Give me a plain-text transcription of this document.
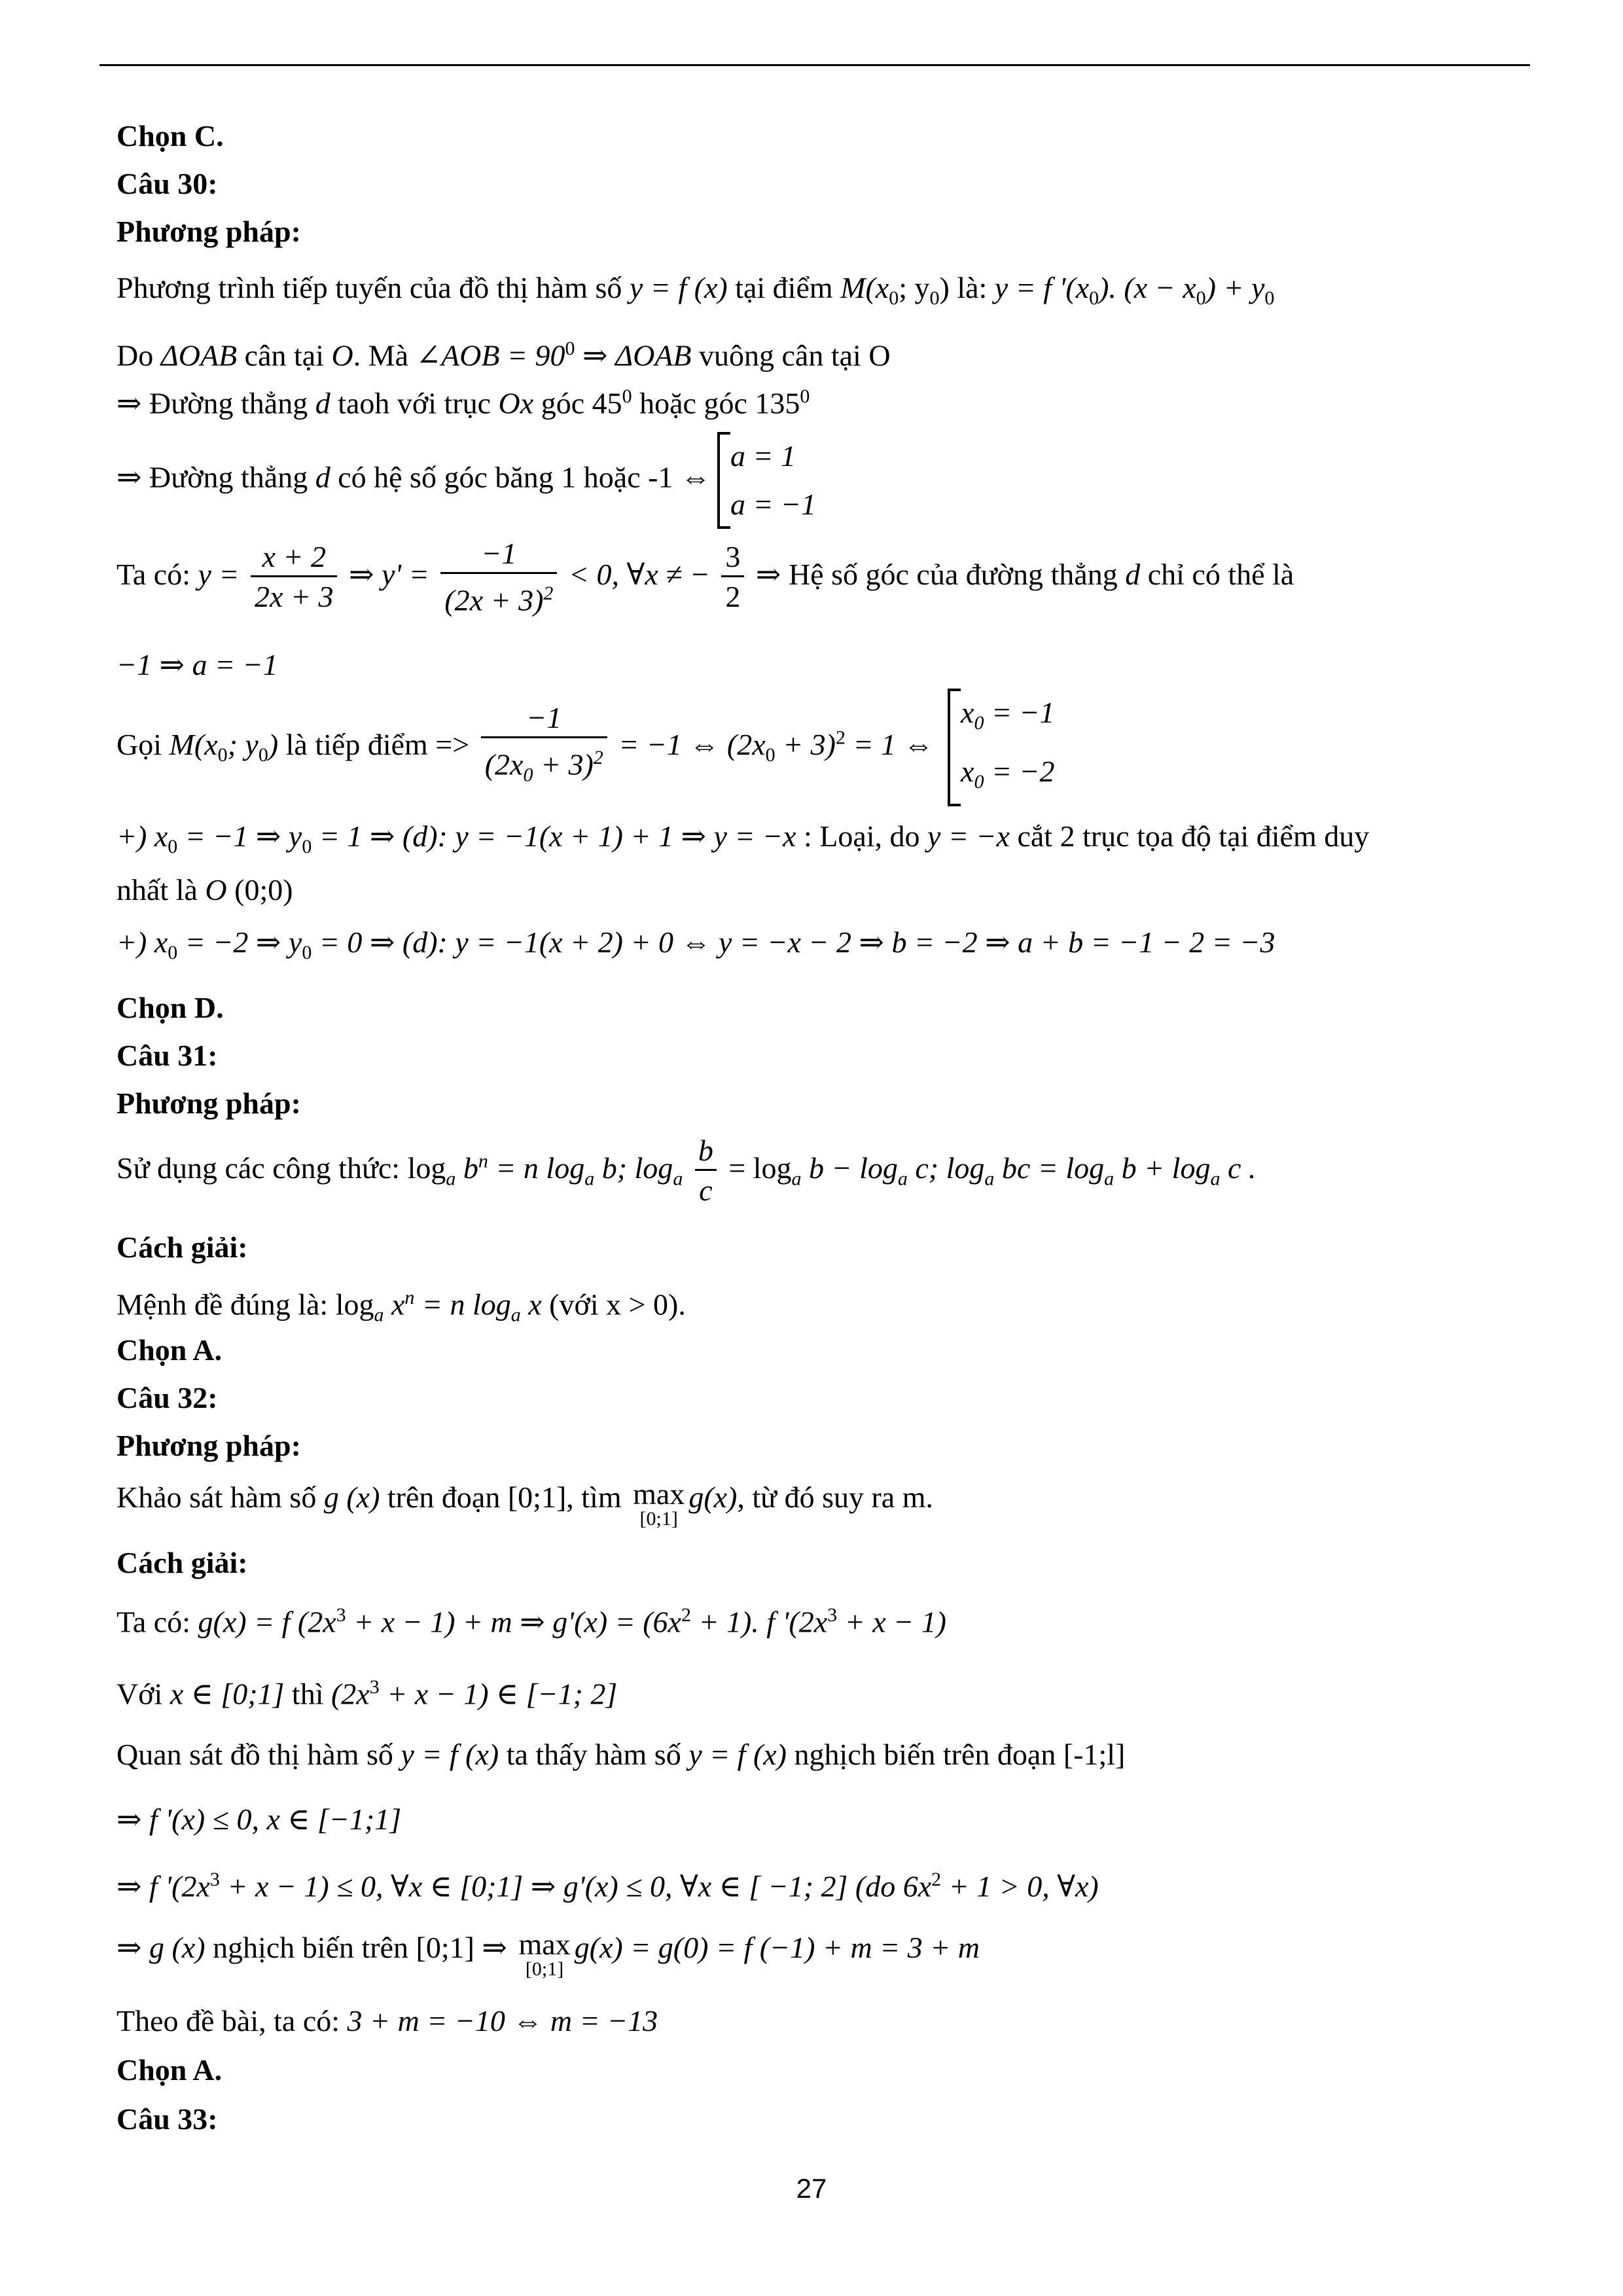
Chọn C.
Câu 30:
Phương pháp:
Phương trình tiếp tuyến của đồ thị hàm số y = f (x) tại điểm $M(x_0$; $y_0$) là: y = f '$(x_0)$. $(x - x_0) + y_0$
Do ΔOAB cân tại O. Mà ∠AOB = $90^0$ ⇒ ΔOAB vuông cân tại O
⇒ Đường thẳng d taoh với trục Ox góc $45^0$ hoặc góc $135^0$
⇒ Đường thẳng d có hệ số góc băng 1 hoặc -1 ⇔
a = 1
a = −1
Ta có: $y = \frac{x + 2}{2x + 3}$ ⇒ $y' = \frac{-1}{(2x + 3)^2} < 0$, ∀x ≠ − $\frac{3}{2}$ ⇒ Hệ số góc của đường thẳng d chỉ có thể là
−1 ⇒ a = −1
Gọi $M(x_0$; $y_0$) là tiếp điểm => $\frac{-1}{(2x_0 + 3)^2} = -1$ ⇔ $(2x_0 + 3)^2 = 1$ ⇔
$x_0 = -1$
$x_0 = -2$
+) $x_0 = -1$ ⇒ $y_0 = 1$ ⇒ (d): y = −1(x + 1) + 1 ⇒ y = −x : Loại, do y = −x cắt 2 trục tọa độ tại điểm duy
nhất là O (0;0)
+) $x_0 = -2$ ⇒ $y_0 = 0$ ⇒ (d): y = −1(x + 2) + 0 ⇔ y = −x − 2 ⇒ b = −2 ⇒ a + b = −1 − 2 = −3
Chọn D.
Câu 31:
Phương pháp:
Sử dụng các công thức: $\log_a b^n = n$ $\log_a b$; $\log_a \frac{b}{c} = \log_a b - \log_a c$; $\log_a$ bc = $\log_a b + \log_a c$ .
Cách giải:
Mệnh đề đúng là: $\log_a x^n = n$ $\log_a x$ (với x > 0).
Chọn A.
Câu 32:
Phương pháp:
Khảo sát hàm số g (x) trên đoạn [0;1], tìm max
[0;1]
g(x), từ đó suy ra m.
Cách giải:
Ta có: g(x) = f $(2x^3 + x - 1) + m$ ⇒ $g'(x) = (6x^2 + 1)$. f '$(2x^3 + x - 1)$
Với x ∈ [0;1] thì $(2x^3 + x - 1)$ ∈ [−1; 2]
Quan sát đồ thị hàm số y = f (x) ta thấy hàm số y = f (x) nghịch biến trên đoạn [-1;l]
⇒ f '(x) ≤ 0, x ∈ [−1;1]
⇒ f '$(2x^3 + x - 1) \le 0$, ∀x ∈ [0;1] ⇒ g'(x) ≤ 0, ∀x ∈ [ −1; 2] (do $6x^2 + 1 > 0$, ∀x)
⇒ g (x) nghịch biến trên [0;1] ⇒ max
[0;1]
g(x) = g(0) = f (−1) + m = 3 + m
Theo đề bài, ta có: 3 + m = −10 ⇔ m = −13
Chọn A.
Câu 33:
27
